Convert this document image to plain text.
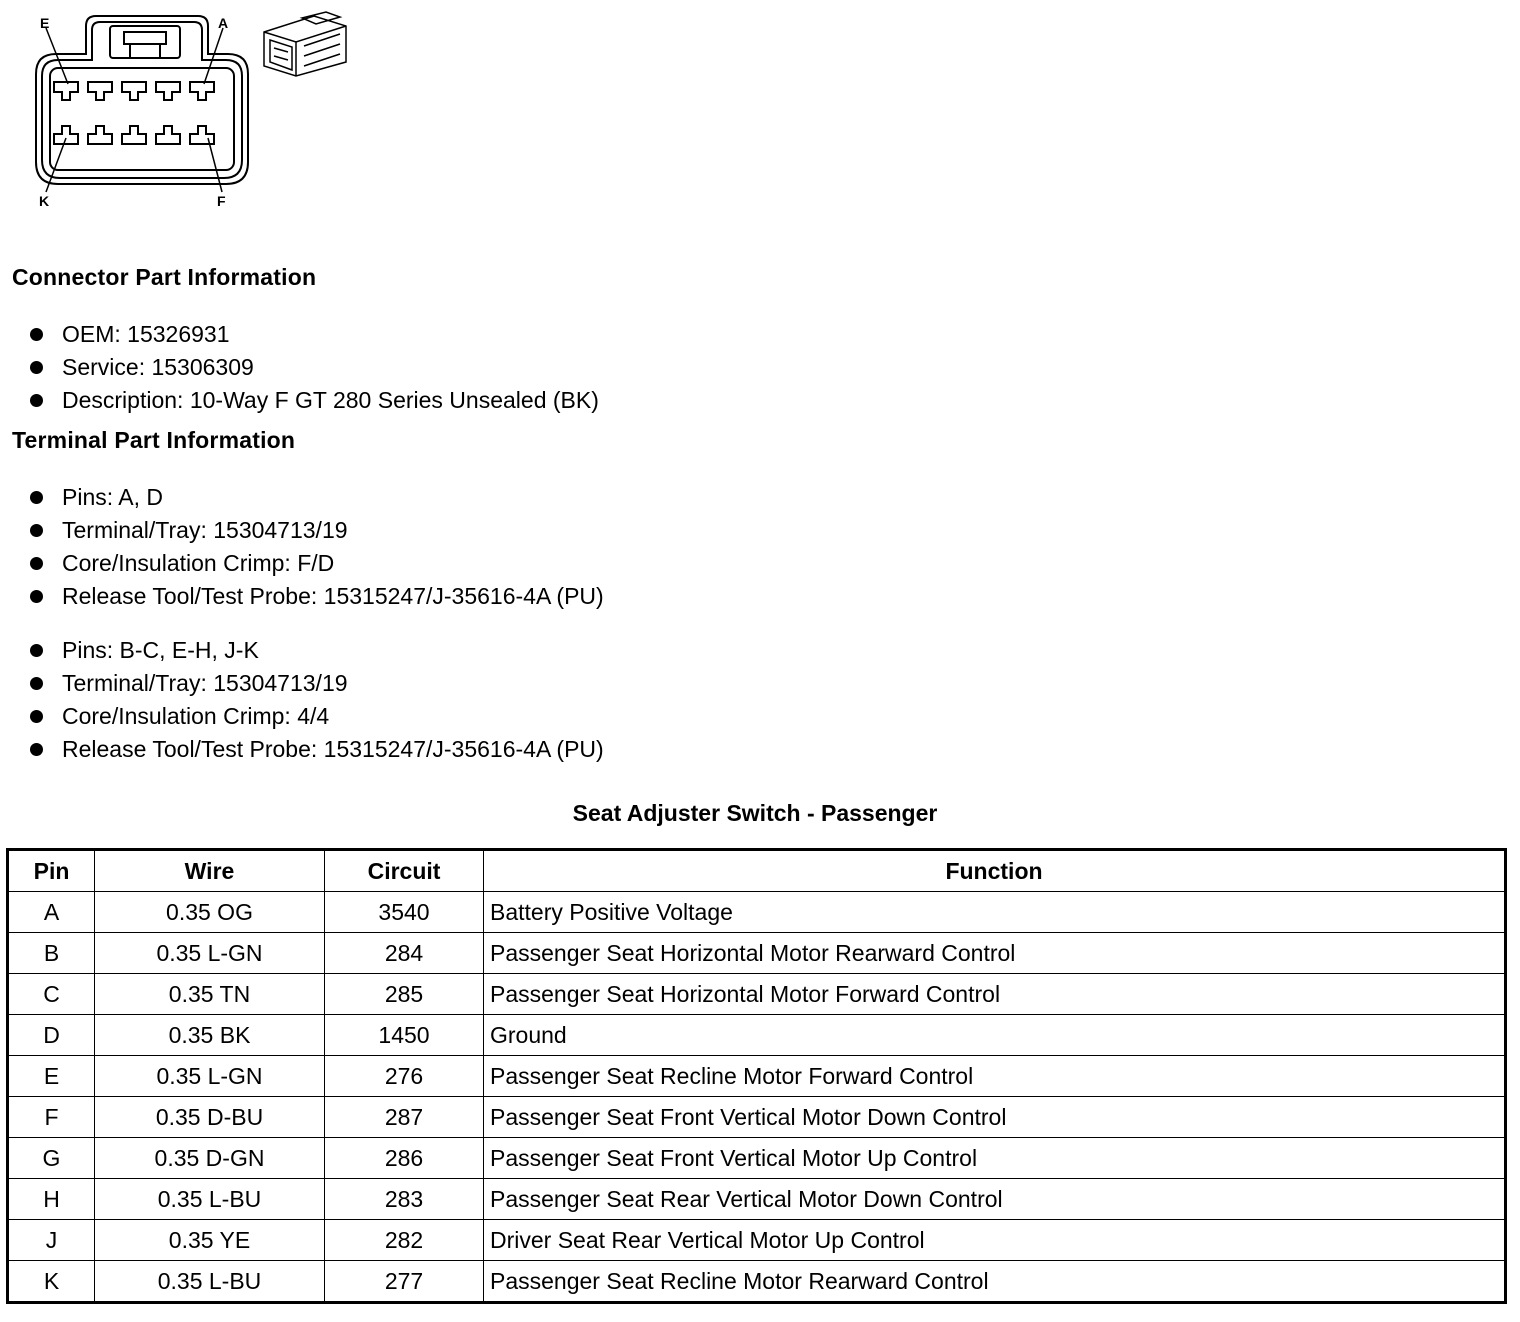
E	A
K	F
Connector Part Information
OEM: 15326931
Service: 15306309
Description: 10-Way F GT 280 Series Unsealed (BK)
Terminal Part Information
Pins: A, D
Terminal/Tray: 15304713/19
Core/Insulation Crimp: F/D
Release Tool/Test Probe: 15315247/J-35616-4A (PU)
Pins: B-C, E-H, J-K
Terminal/Tray: 15304713/19
Core/Insulation Crimp: 4/4
Release Tool/Test Probe: 15315247/J-35616-4A (PU)
Seat Adjuster Switch - Passenger
Pin	Wire	Circuit	Function
A	0.35 OG	3540	Battery Positive Voltage
B	0.35 L-GN	284	Passenger Seat Horizontal Motor Rearward Control
C	0.35 TN	285	Passenger Seat Horizontal Motor Forward Control
D	0.35 BK	1450	Ground
E	0.35 L-GN	276	Passenger Seat Recline Motor Forward Control
F	0.35 D-BU	287	Passenger Seat Front Vertical Motor Down Control
G	0.35 D-GN	286	Passenger Seat Front Vertical Motor Up Control
H	0.35 L-BU	283	Passenger Seat Rear Vertical Motor Down Control
J	0.35 YE	282	Driver Seat Rear Vertical Motor Up Control
K	0.35 L-BU	277	Passenger Seat Recline Motor Rearward Control
